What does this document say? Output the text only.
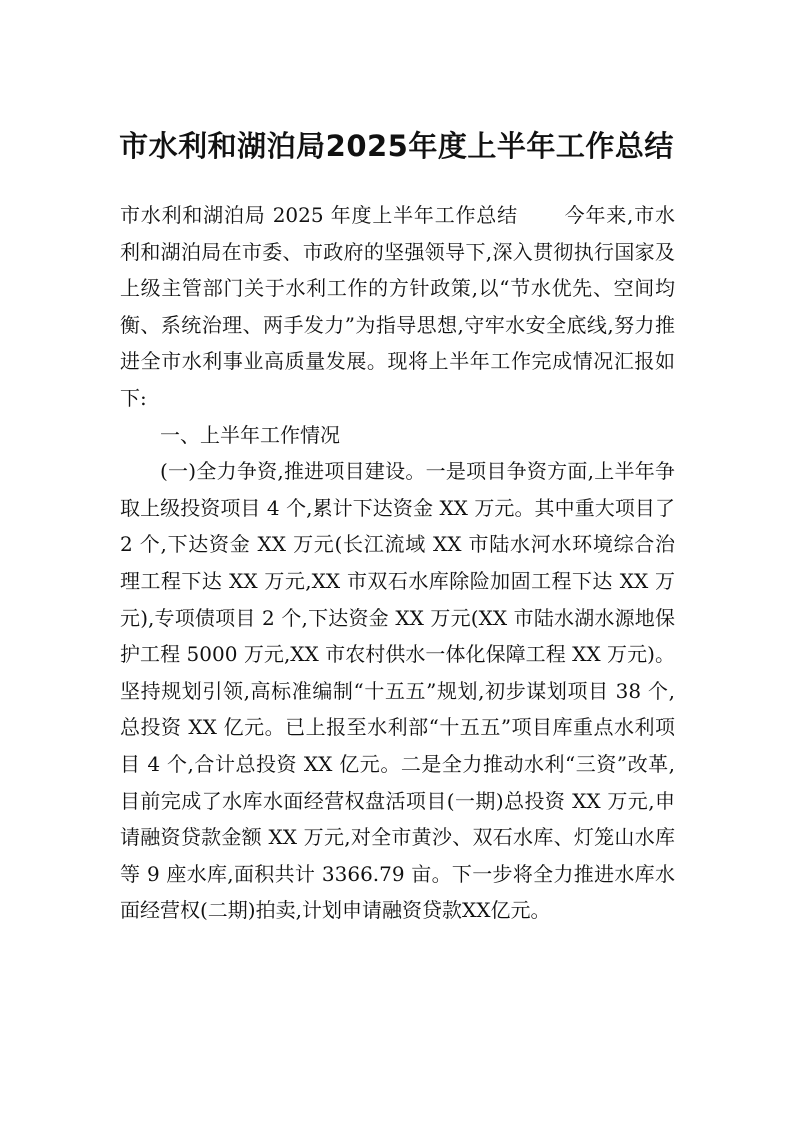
市水利和湖泊局2025年度上半年工作总结

市水利和湖泊局 2025 年度上半年工作总结 今年来,市水利和湖泊局在市委、市政府的坚强领导下,深入贯彻执行国家及上级主管部门关于水利工作的方针政策,以“节水优先、空间均衡、系统治理、两手发力”为指导思想,守牢水安全底线,努力推进全市水利事业高质量发展。现将上半年工作完成情况汇报如下:

一、上半年工作情况

(一)全力争资,推进项目建设。一是项目争资方面,上半年争取上级投资项目 4 个,累计下达资金 XX 万元。其中重大项目了 2 个,下达资金 XX 万元(长江流域 XX 市陆水河水环境综合治理工程下达 XX 万元,XX 市双石水库除险加固工程下达 XX 万元),专项债项目 2 个,下达资金 XX 万元(XX 市陆水湖水源地保护工程 5000 万元,XX 市农村供水一体化保障工程 XX 万元)。坚持规划引领,高标准编制“十五五”规划,初步谋划项目 38 个,总投资 XX 亿元。已上报至水利部“十五五”项目库重点水利项目 4 个,合计总投资 XX 亿元。二是全力推动水利“三资”改革,目前完成了水库水面经营权盘活项目(一期)总投资 XX 万元,申请融资贷款金额 XX 万元,对全市黄沙、双石水库、灯笼山水库等 9 座水库,面积共计 3366.79 亩。下一步将全力推进水库水面经营权(二期)拍卖,计划申请融资贷款XX亿元。
